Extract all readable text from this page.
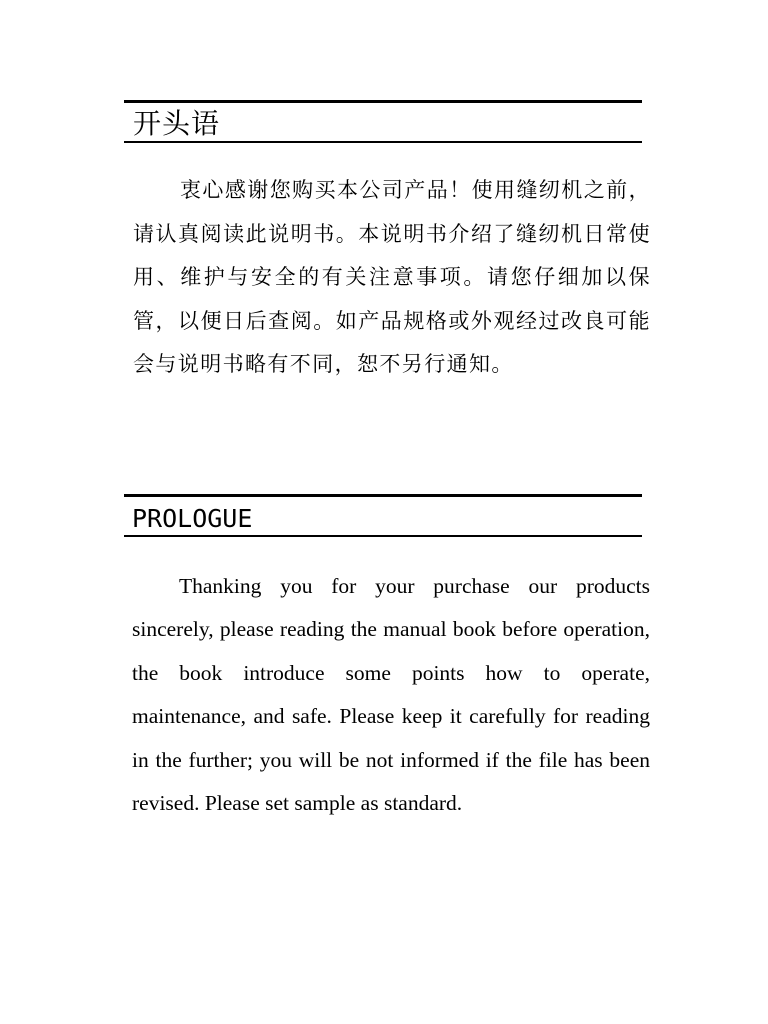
开头语

衷心感谢您购买本公司产品！使用缝纫机之前，请认真阅读此说明书。本说明书介绍了缝纫机日常使用、维护与安全的有关注意事项。请您仔细加以保管，以便日后查阅。如产品规格或外观经过改良可能会与说明书略有不同，恕不另行通知。

PROLOGUE

Thanking you for your purchase our products sincerely, please reading the manual book before operation, the book introduce some points how to operate, maintenance, and safe. Please keep it carefully for reading in the further; you will be not informed if the file has been revised. Please set sample as standard.
